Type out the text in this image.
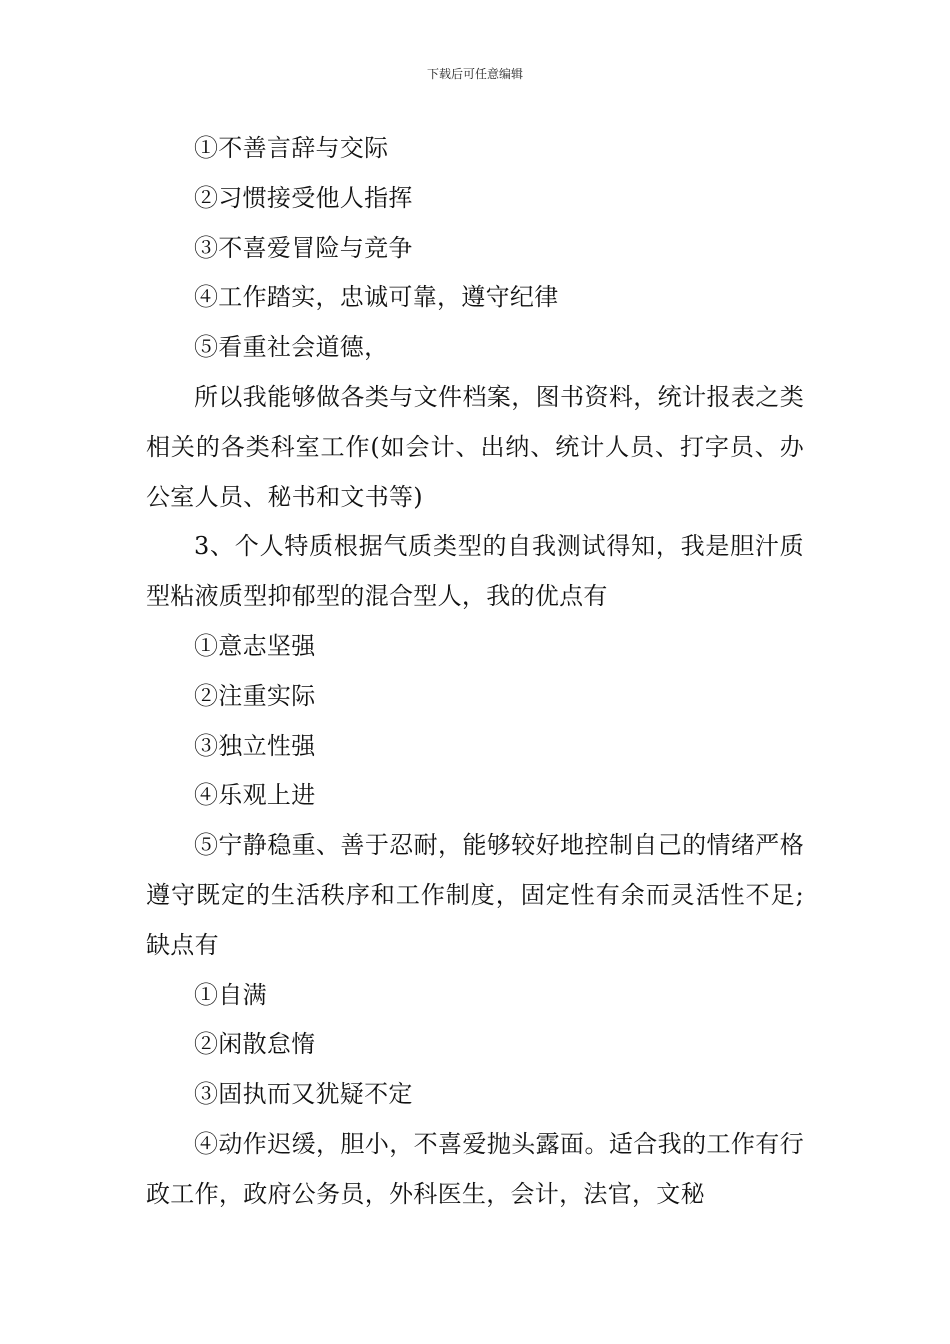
下载后可任意编辑

①不善言辞与交际

②习惯接受他人指挥

③不喜爱冒险与竞争

④工作踏实，忠诚可靠，遵守纪律

⑤看重社会道德，

所以我能够做各类与文件档案，图书资料，统计报表之类相关的各类科室工作(如会计、出纳、统计人员、打字员、办公室人员、秘书和文书等)

3、个人特质根据气质类型的自我测试得知，我是胆汁质型粘液质型抑郁型的混合型人，我的优点有

①意志坚强

②注重实际

③独立性强

④乐观上进

⑤宁静稳重、善于忍耐，能够较好地控制自己的情绪严格遵守既定的生活秩序和工作制度，固定性有余而灵活性不足;缺点有

①自满

②闲散怠惰

③固执而又犹疑不定

④动作迟缓，胆小，不喜爱抛头露面。适合我的工作有行政工作，政府公务员，外科医生，会计，法官，文秘
